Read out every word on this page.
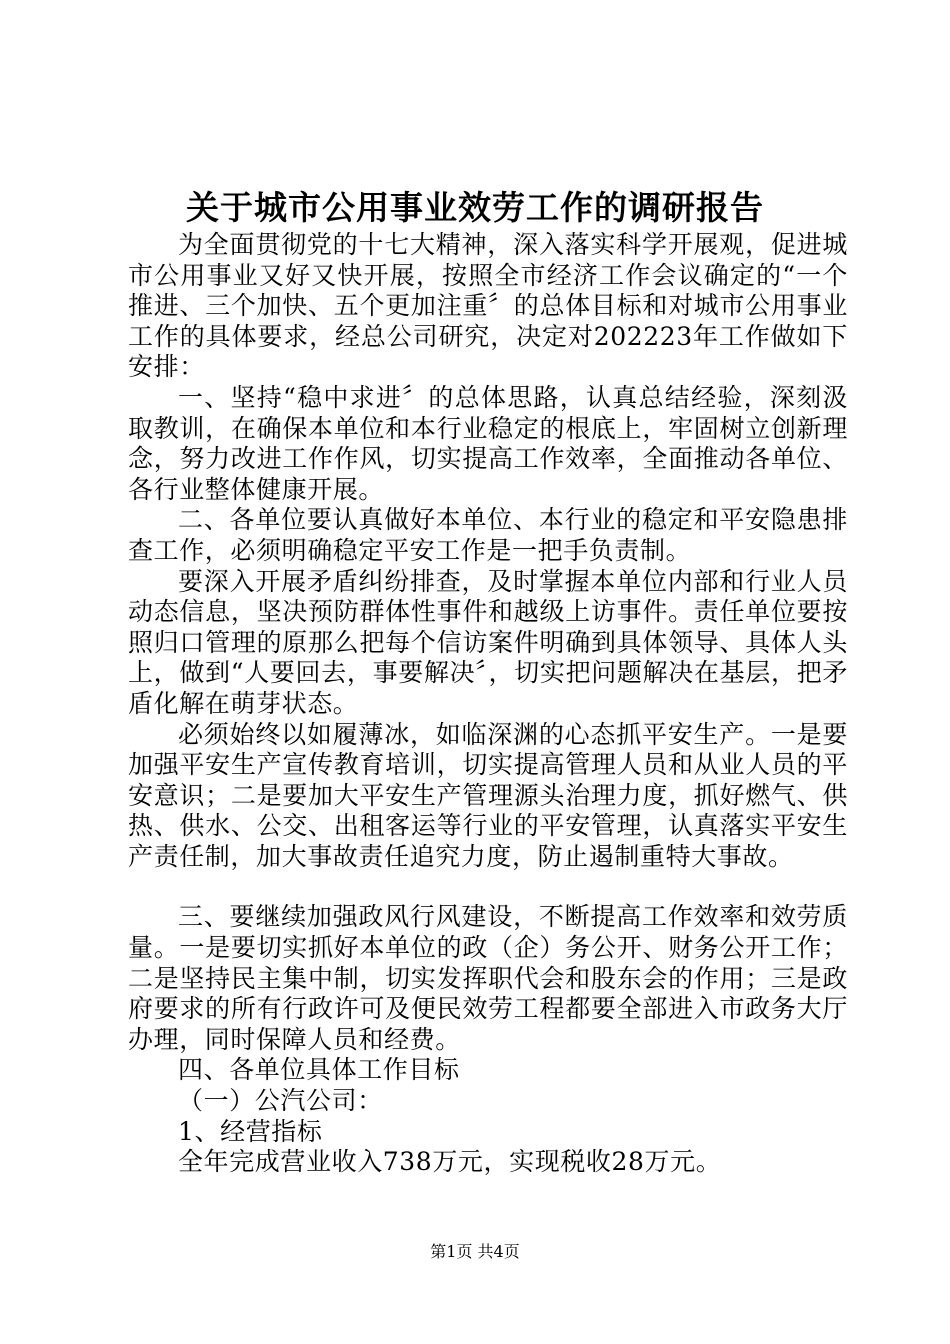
关于城市公用事业效劳工作的调研报告

为全面贯彻党的十七大精神，深入落实科学开展观，促进城市公用事业又好又快开展，按照全市经济工作会议确定的“一个推进、三个加快、五个更加注重〞的总体目标和对城市公用事业工作的具体要求，经总公司研究，决定对202223年工作做如下安排：

一、坚持“稳中求进〞的总体思路，认真总结经验，深刻汲取教训，在确保本单位和本行业稳定的根底上，牢固树立创新理念，努力改进工作作风，切实提高工作效率，全面推动各单位、各行业整体健康开展。

二、各单位要认真做好本单位、本行业的稳定和平安隐患排查工作，必须明确稳定平安工作是一把手负责制。

要深入开展矛盾纠纷排查，及时掌握本单位内部和行业人员动态信息，坚决预防群体性事件和越级上访事件。责任单位要按照归口管理的原那么把每个信访案件明确到具体领导、具体人头上，做到“人要回去，事要解决〞，切实把问题解决在基层，把矛盾化解在萌芽状态。

必须始终以如履薄冰，如临深渊的心态抓平安生产。一是要加强平安生产宣传教育培训，切实提高管理人员和从业人员的平安意识；二是要加大平安生产管理源头治理力度，抓好燃气、供热、供水、公交、出租客运等行业的平安管理，认真落实平安生产责任制，加大事故责任追究力度，防止遏制重特大事故。

三、要继续加强政风行风建设，不断提高工作效率和效劳质量。一是要切实抓好本单位的政（企）务公开、财务公开工作；二是坚持民主集中制，切实发挥职代会和股东会的作用；三是政府要求的所有行政许可及便民效劳工程都要全部进入市政务大厅办理，同时保障人员和经费。

四、各单位具体工作目标

（一）公汽公司：

1、经营指标

全年完成营业收入738万元，实现税收28万元。

第1页 共4页
